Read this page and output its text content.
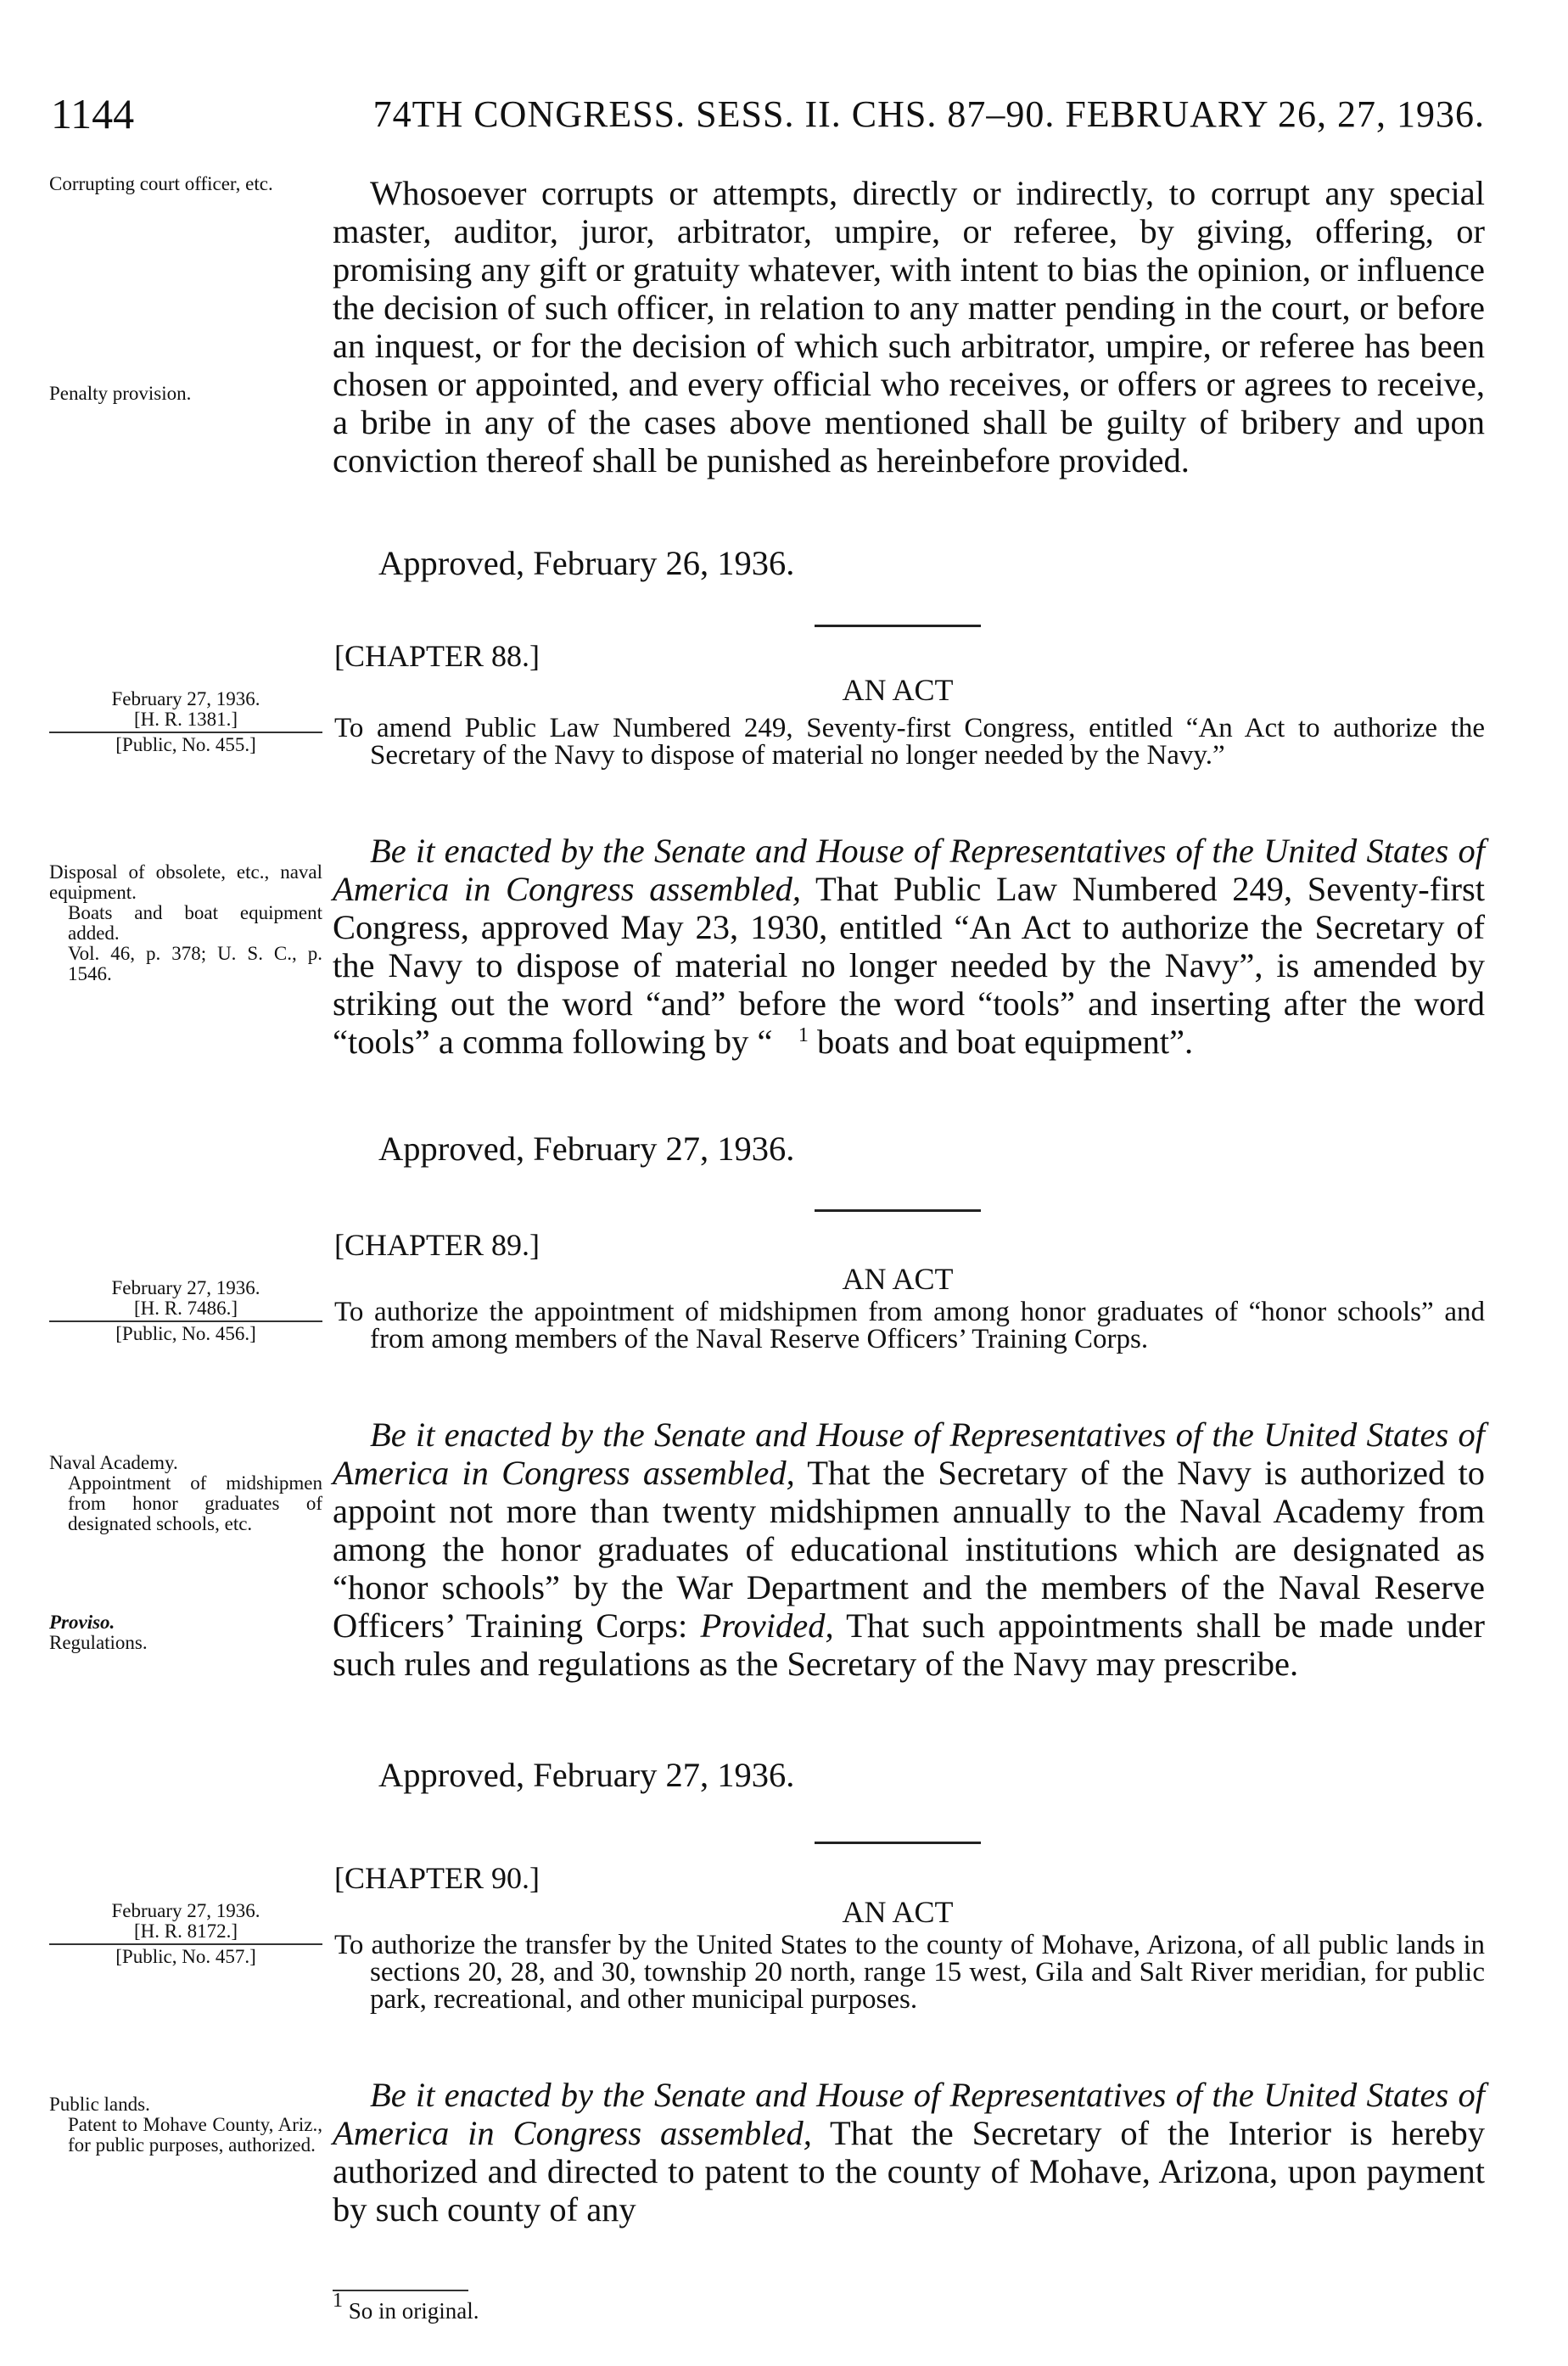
1144	74TH CONGRESS. SESS. II. CHS. 87–90. FEBRUARY 26, 27, 1936.
Corrupting court officer, etc.
Penalty provision.

Whosoever corrupts or attempts, directly or indirectly, to corrupt any special master, auditor, juror, arbitrator, umpire, or referee, by giving, offering, or promising any gift or gratuity whatever, with intent to bias the opinion, or influence the decision of such officer, in relation to any matter pending in the court, or before an inquest, or for the decision of which such arbitrator, umpire, or referee has been chosen or appointed, and every official who receives, or offers or agrees to receive, a bribe in any of the cases above mentioned shall be guilty of bribery and upon conviction thereof shall be punished as hereinbefore provided.

Approved, February 26, 1936.
[CHAPTER 88.]
AN ACT
February 27, 1936.
[H. R. 1381.]
[Public, No. 455.]
To amend Public Law Numbered 249, Seventy-first Congress, entitled “An Act to authorize the Secretary of the Navy to dispose of material no longer needed by the Navy.”
Disposal of obsolete, etc., naval equipment.
Boats and boat equipment added.
Vol. 46, p. 378; U. S. C., p. 1546.

Be it enacted by the Senate and House of Representatives of the United States of America in Congress assembled, That Public Law Numbered 249, Seventy-first Congress, approved May 23, 1930, entitled “An Act to authorize the Secretary of the Navy to dispose of material no longer needed by the Navy”, is amended by striking out the word “and” before the word “tools” and inserting after the word “tools” a comma following by “ $^1$ boats and boat equipment”.

Approved, February 27, 1936.
[CHAPTER 89.]
AN ACT
February 27, 1936.
[H. R. 7486.]
[Public, No. 456.]
To authorize the appointment of midshipmen from among honor graduates of “honor schools” and from among members of the Naval Reserve Officers’ Training Corps.
Naval Academy.
Appointment of midshipmen from honor graduates of designated schools, etc.
Proviso.
Regulations.

Be it enacted by the Senate and House of Representatives of the United States of America in Congress assembled, That the Secretary of the Navy is authorized to appoint not more than twenty midshipmen annually to the Naval Academy from among the honor graduates of educational institutions which are designated as “honor schools” by the War Department and the members of the Naval Reserve Officers’ Training Corps: Provided, That such appointments shall be made under such rules and regulations as the Secretary of the Navy may prescribe.

Approved, February 27, 1936.
[CHAPTER 90.]
AN ACT
February 27, 1936.
[H. R. 8172.]
[Public, No. 457.]	To authorize the transfer by the United States to the county of Mohave, Arizona, of all public lands in sections 20, 28, and 30, township 20 north, range 15 west, Gila and Salt River meridian, for public park, recreational, and other municipal purposes.
Public lands.
Patent to Mohave County, Ariz., for public purposes, authorized.

Be it enacted by the Senate and House of Representatives of the United States of America in Congress assembled, That the Secretary of the Interior is hereby authorized and directed to patent to the county of Mohave, Arizona, upon payment by such county of any

$^1$ So in original.
